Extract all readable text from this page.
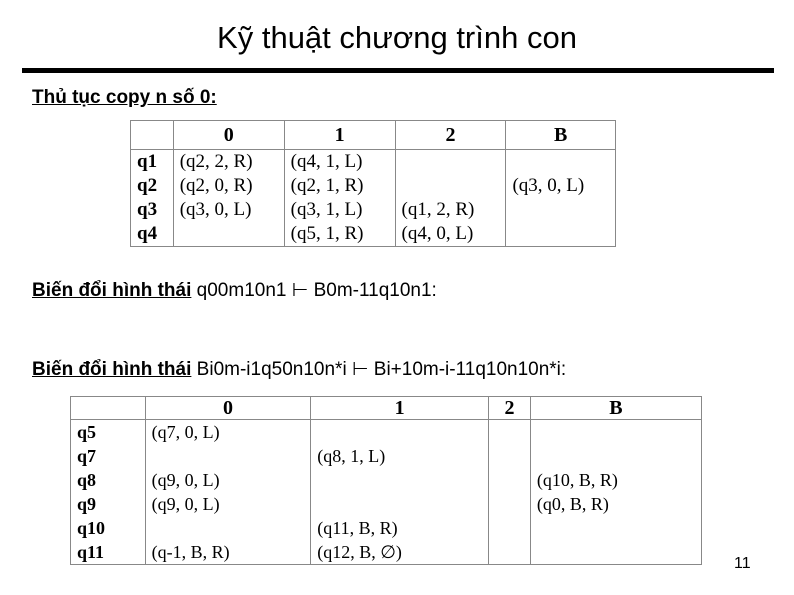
Kỹ thuật chương trình con
Thủ tục copy n số 0:
	0	1	2	B
q1	(q2, 2, R)	(q4, 1, L)		
q2	(q2, 0, R)	(q2, 1, R)		(q3, 0, L)
q3	(q3, 0, L)	(q3, 1, L)	(q1, 2, R)	
q4		(q5, 1, R)	(q4, 0, L)	
Biến đổi hình thái q00m10n1 ⊢ B0m-11q10n1:
Biến đổi hình thái Bi0m-i1q50n10n*i ⊢ Bi+10m-i-11q10n10n*i:
	0	1	2	B
q5	(q7, 0, L)			
q7		(q8, 1, L)		
q8	(q9, 0, L)			(q10, B, R)
q9	(q9, 0, L)			(q0, B, R)
q10		(q11, B, R)		
q11	(q-1, B, R)	(q12, B, ∅)		
11
